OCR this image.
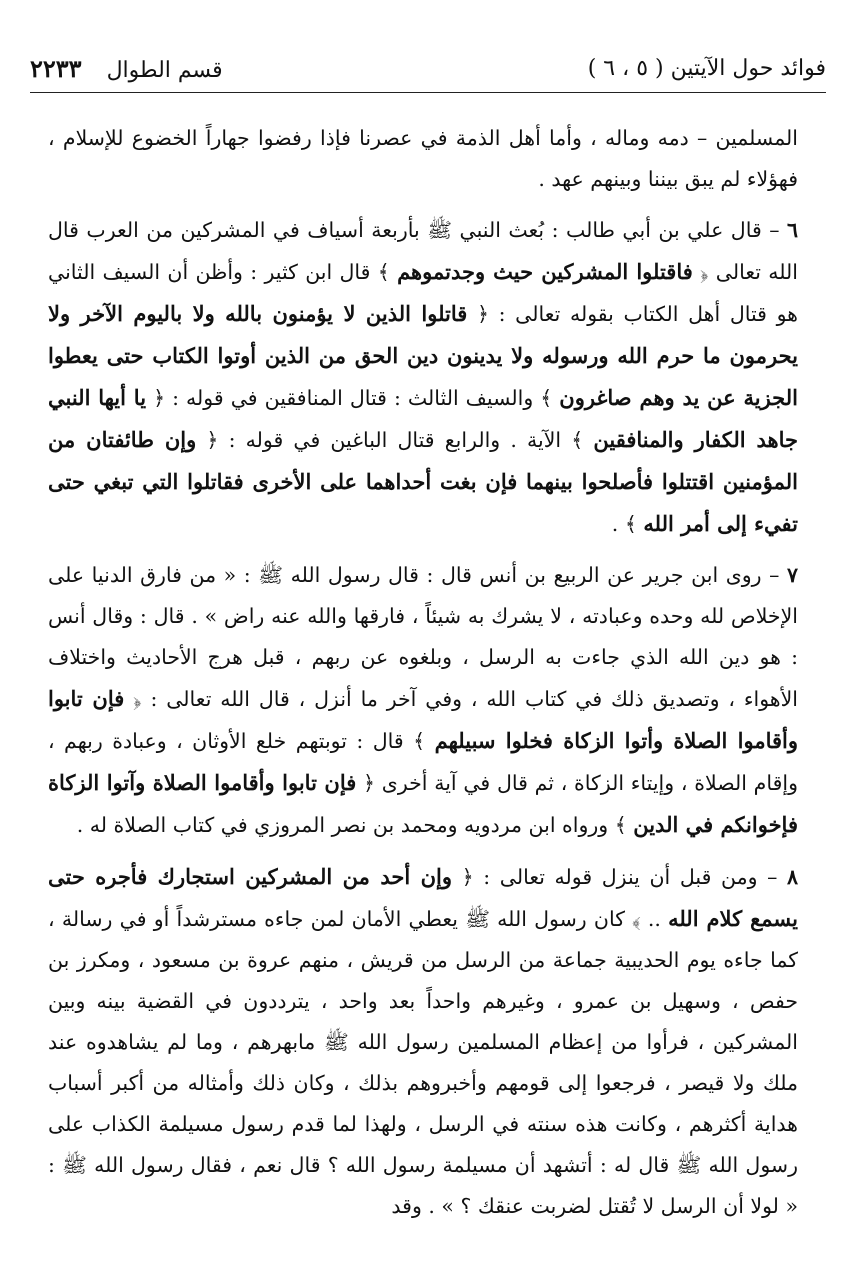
فوائد حول الآيتين ( ٥ ، ٦ )
قسم الطوال ٢٢٣٣

المسلمين – دمه وماله ، وأما أهل الذمة في عصرنا فإذا رفضوا جهاراً الخضوع للإسلام ، فهؤلاء لم يبق بيننا وبينهم عهد .

٦ – قال علي بن أبي طالب : بُعث النبي ﷺ بأربعة أسياف في المشركين من العرب قال الله تعالى ﴿ فاقتلوا المشركين حيث وجدتموهم ﴾ قال ابن كثير : وأظن أن السيف الثاني هو قتال أهل الكتاب بقوله تعالى : ﴿ قاتلوا الذين لا يؤمنون بالله ولا باليوم الآخر ولا يحرمون ما حرم الله ورسوله ولا يدينون دين الحق من الذين أوتوا الكتاب حتى يعطوا الجزية عن يد وهم صاغرون ﴾ والسيف الثالث : قتال المنافقين في قوله : ﴿ يا أيها النبي جاهد الكفار والمنافقين ﴾ الآية . والرابع قتال الباغين في قوله : ﴿ وإن طائفتان من المؤمنين اقتتلوا فأصلحوا بينهما فإن بغت أحداهما على الأخرى فقاتلوا التي تبغي حتى تفيء إلى أمر الله ﴾ .

٧ – روى ابن جرير عن الربيع بن أنس قال : قال رسول الله ﷺ : « من فارق الدنيا على الإخلاص لله وحده وعبادته ، لا يشرك به شيئاً ، فارقها والله عنه راض » . قال : وقال أنس : هو دين الله الذي جاءت به الرسل ، وبلغوه عن ربهم ، قبل هرج الأحاديث واختلاف الأهواء ، وتصديق ذلك في كتاب الله ، وفي آخر ما أنزل ، قال الله تعالى : ﴿ فإن تابوا وأقاموا الصلاة وأتوا الزكاة فخلوا سبيلهم ﴾ قال : توبتهم خلع الأوثان ، وعبادة ربهم ، وإقام الصلاة ، وإيتاء الزكاة ، ثم قال في آية أخرى ﴿ فإن تابوا وأقاموا الصلاة وآتوا الزكاة فإخوانكم في الدين ﴾ ورواه ابن مردويه ومحمد بن نصر المروزي في كتاب الصلاة له .

٨ – ومن قبل أن ينزل قوله تعالى : ﴿ وإن أحد من المشركين استجارك فأجره حتى يسمع كلام الله .. ﴾ كان رسول الله ﷺ يعطي الأمان لمن جاءه مسترشداً أو في رسالة ، كما جاءه يوم الحديبية جماعة من الرسل من قريش ، منهم عروة بن مسعود ، ومكرز بن حفص ، وسهيل بن عمرو ، وغيرهم واحداً بعد واحد ، يترددون في القضية بينه وبين المشركين ، فرأوا من إعظام المسلمين رسول الله ﷺ مابهرهم ، وما لم يشاهدوه عند ملك ولا قيصر ، فرجعوا إلى قومهم وأخبروهم بذلك ، وكان ذلك وأمثاله من أكبر أسباب هداية أكثرهم ، وكانت هذه سنته في الرسل ، ولهذا لما قدم رسول مسيلمة الكذاب على رسول الله ﷺ قال له : أتشهد أن مسيلمة رسول الله ؟ قال نعم ، فقال رسول الله ﷺ : « لولا أن الرسل لا تُقتل لضربت عنقك ؟ » . وقد
